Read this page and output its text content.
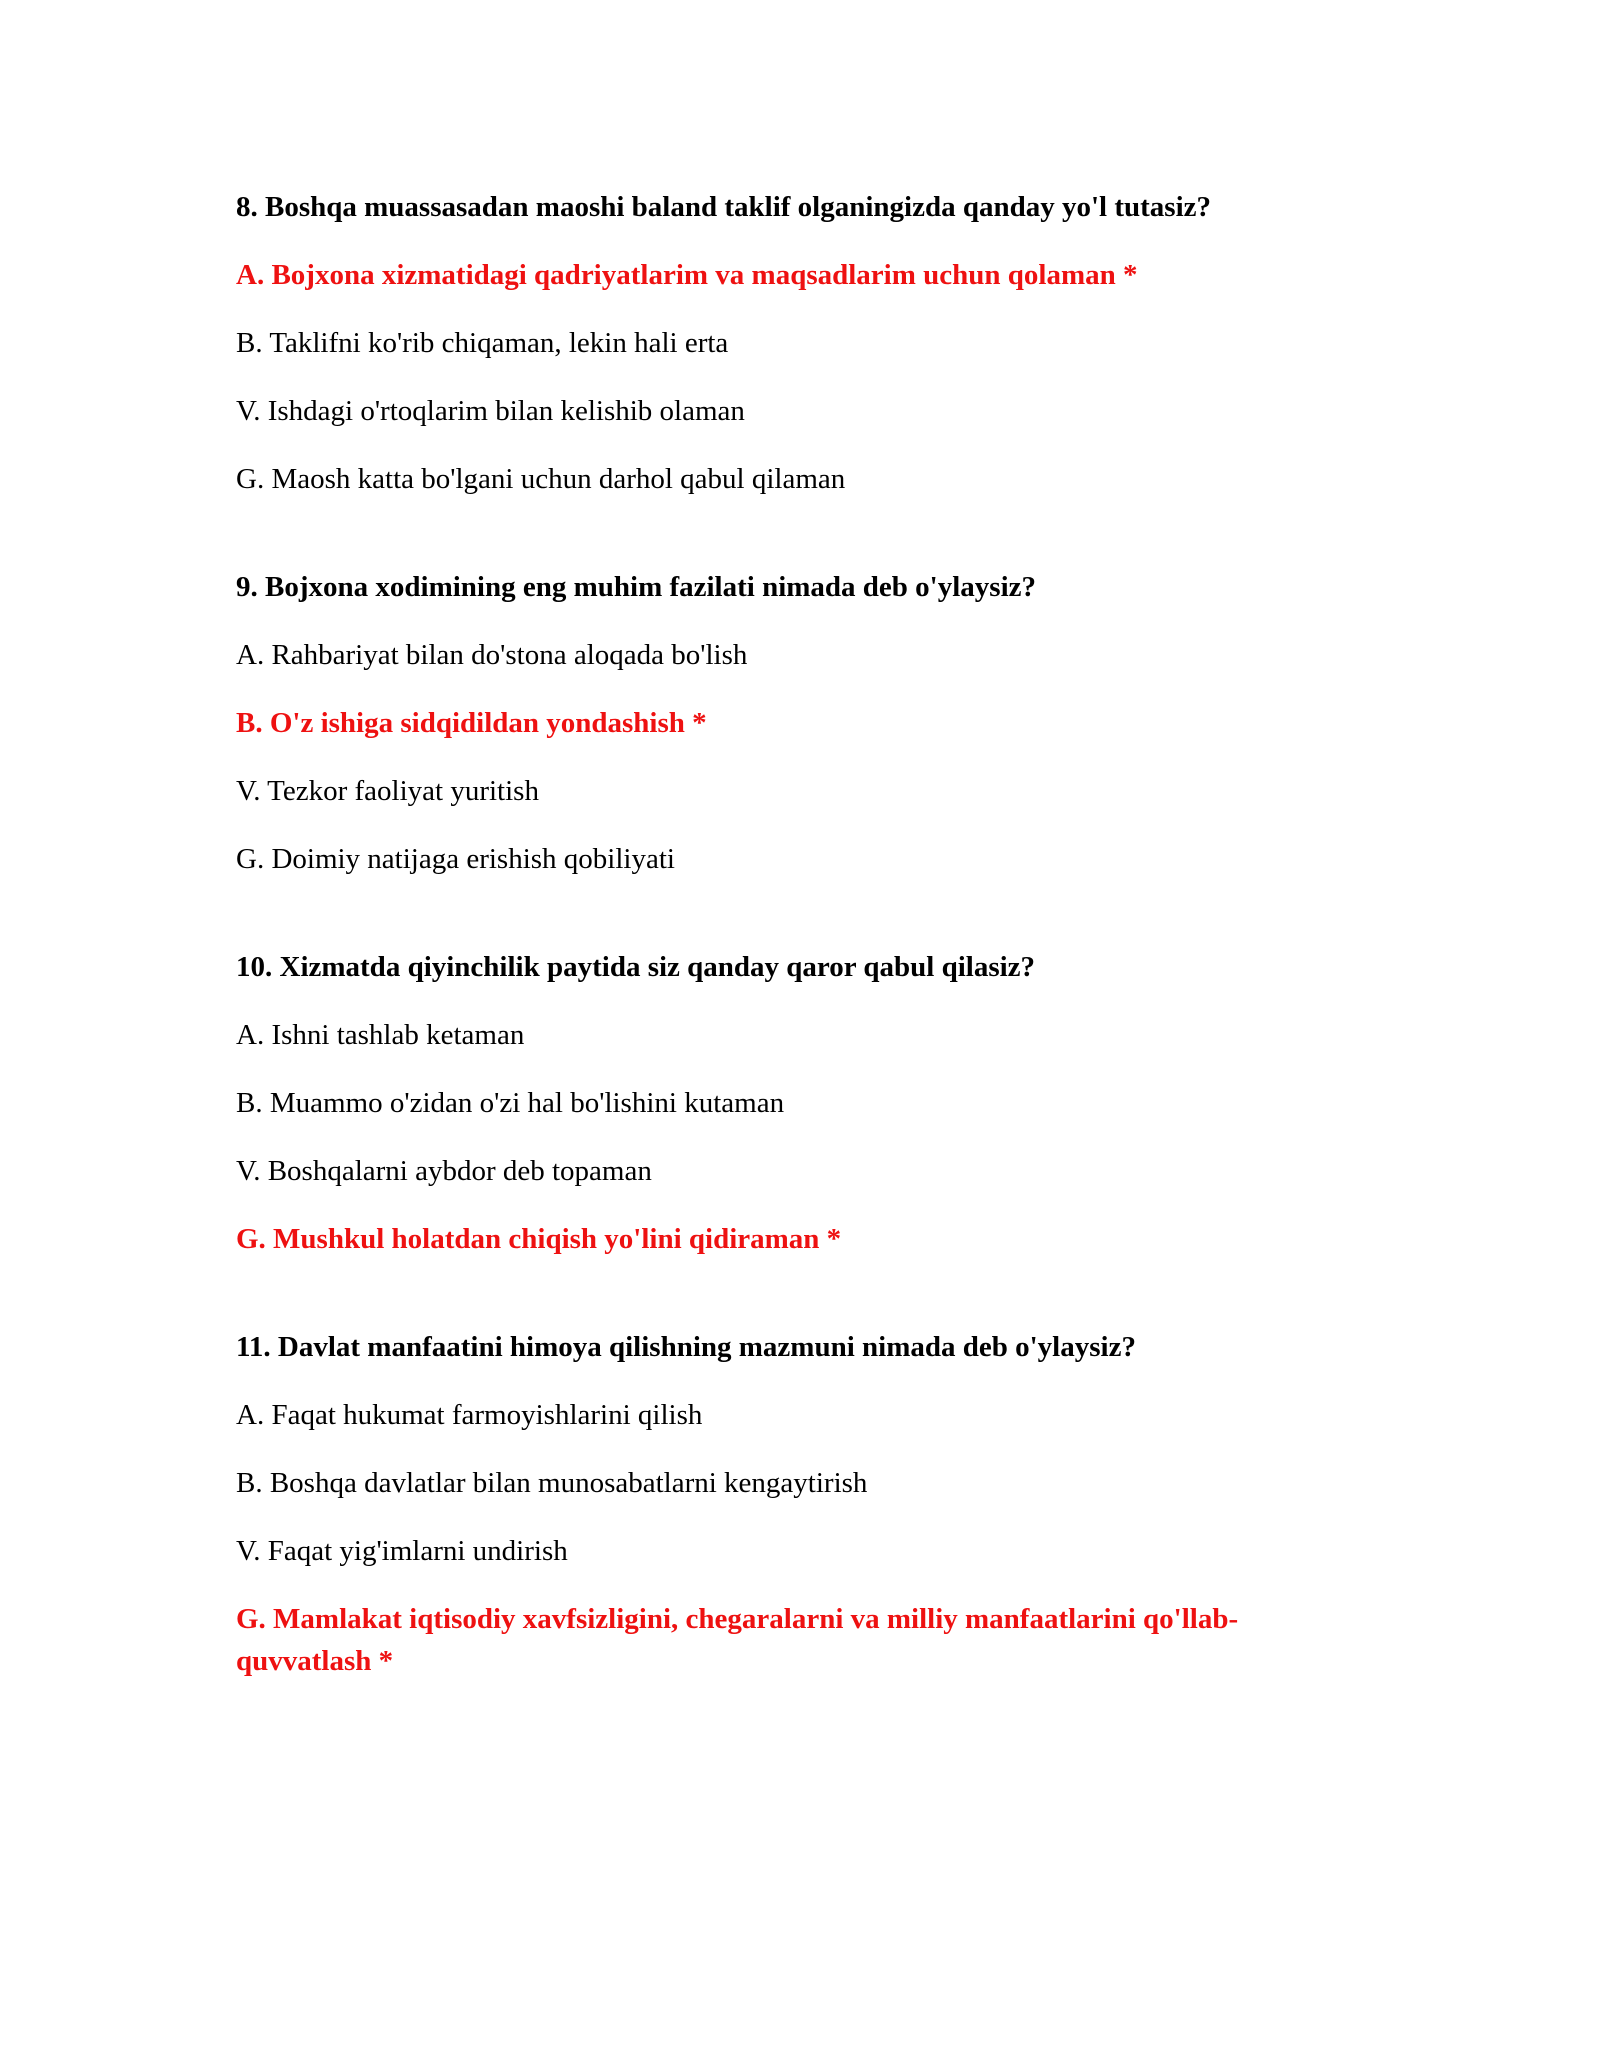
8. Boshqa muassasadan maoshi baland taklif olganingizda qanday yo'l tutasiz?
A. Bojxona xizmatidagi qadriyatlarim va maqsadlarim uchun qolaman *
B. Taklifni ko'rib chiqaman, lekin hali erta
V. Ishdagi o'rtoqlarim bilan kelishib olaman
G. Maosh katta bo'lgani uchun darhol qabul qilaman
9. Bojxona xodimining eng muhim fazilati nimada deb o'ylaysiz?
A. Rahbariyat bilan do'stona aloqada bo'lish
B. O'z ishiga sidqidildan yondashish *
V. Tezkor faoliyat yuritish
G. Doimiy natijaga erishish qobiliyati
10. Xizmatda qiyinchilik paytida siz qanday qaror qabul qilasiz?
A. Ishni tashlab ketaman
B. Muammo o'zidan o'zi hal bo'lishini kutaman
V. Boshqalarni aybdor deb topaman
G. Mushkul holatdan chiqish yo'lini qidiraman *
11. Davlat manfaatini himoya qilishning mazmuni nimada deb o'ylaysiz?
A. Faqat hukumat farmoyishlarini qilish
B. Boshqa davlatlar bilan munosabatlarni kengaytirish
V. Faqat yig'imlarni undirish
G. Mamlakat iqtisodiy xavfsizligini, chegaralarni va milliy manfaatlarini qo'llab-quvvatlash *
